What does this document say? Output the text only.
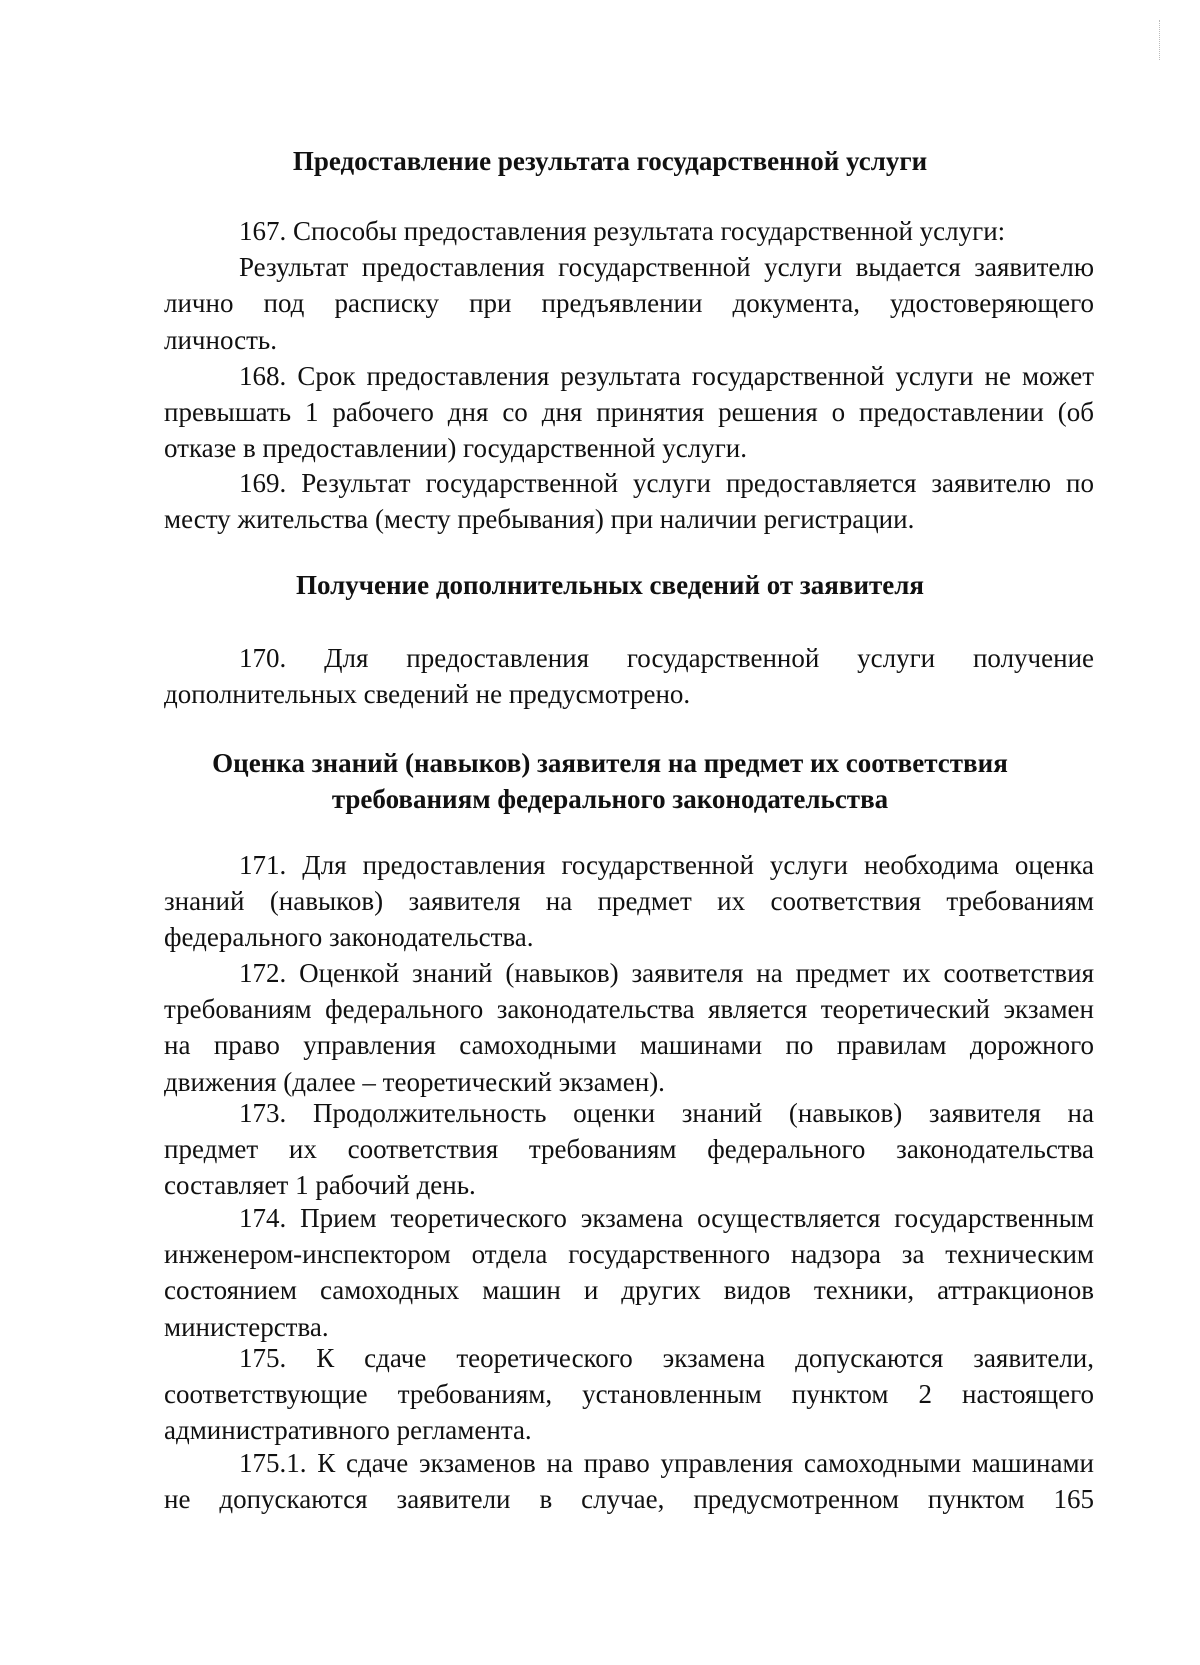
Предоставление результата государственной услуги

167. Способы предоставления результата государственной услуги:
Результат предоставления государственной услуги выдается заявителю
лично под расписку при предъявлении документа, удостоверяющего
личность.
168. Срок предоставления результата государственной услуги не может
превышать 1 рабочего дня со дня принятия решения о предоставлении (об
отказе в предоставлении) государственной услуги.
169. Результат государственной услуги предоставляется заявителю по
месту жительства (месту пребывания) при наличии регистрации.

Получение дополнительных сведений от заявителя

170. Для предоставления государственной услуги получение
дополнительных сведений не предусмотрено.

Оценка знаний (навыков) заявителя на предмет их соответствия
требованиям федерального законодательства

171. Для предоставления государственной услуги необходима оценка
знаний (навыков) заявителя на предмет их соответствия требованиям
федерального законодательства.
172. Оценкой знаний (навыков) заявителя на предмет их соответствия
требованиям федерального законодательства является теоретический экзамен
на право управления самоходными машинами по правилам дорожного
движения (далее – теоретический экзамен).
173. Продолжительность оценки знаний (навыков) заявителя на
предмет их соответствия требованиям федерального законодательства
составляет 1 рабочий день.
174. Прием теоретического экзамена осуществляется государственным
инженером-инспектором отдела государственного надзора за техническим
состоянием самоходных машин и других видов техники, аттракционов
министерства.
175. К сдаче теоретического экзамена допускаются заявители,
соответствующие требованиям, установленным пунктом 2 настоящего
административного регламента.
175.1. К сдаче экзаменов на право управления самоходными машинами
не допускаются заявители в случае, предусмотренном пунктом 165
